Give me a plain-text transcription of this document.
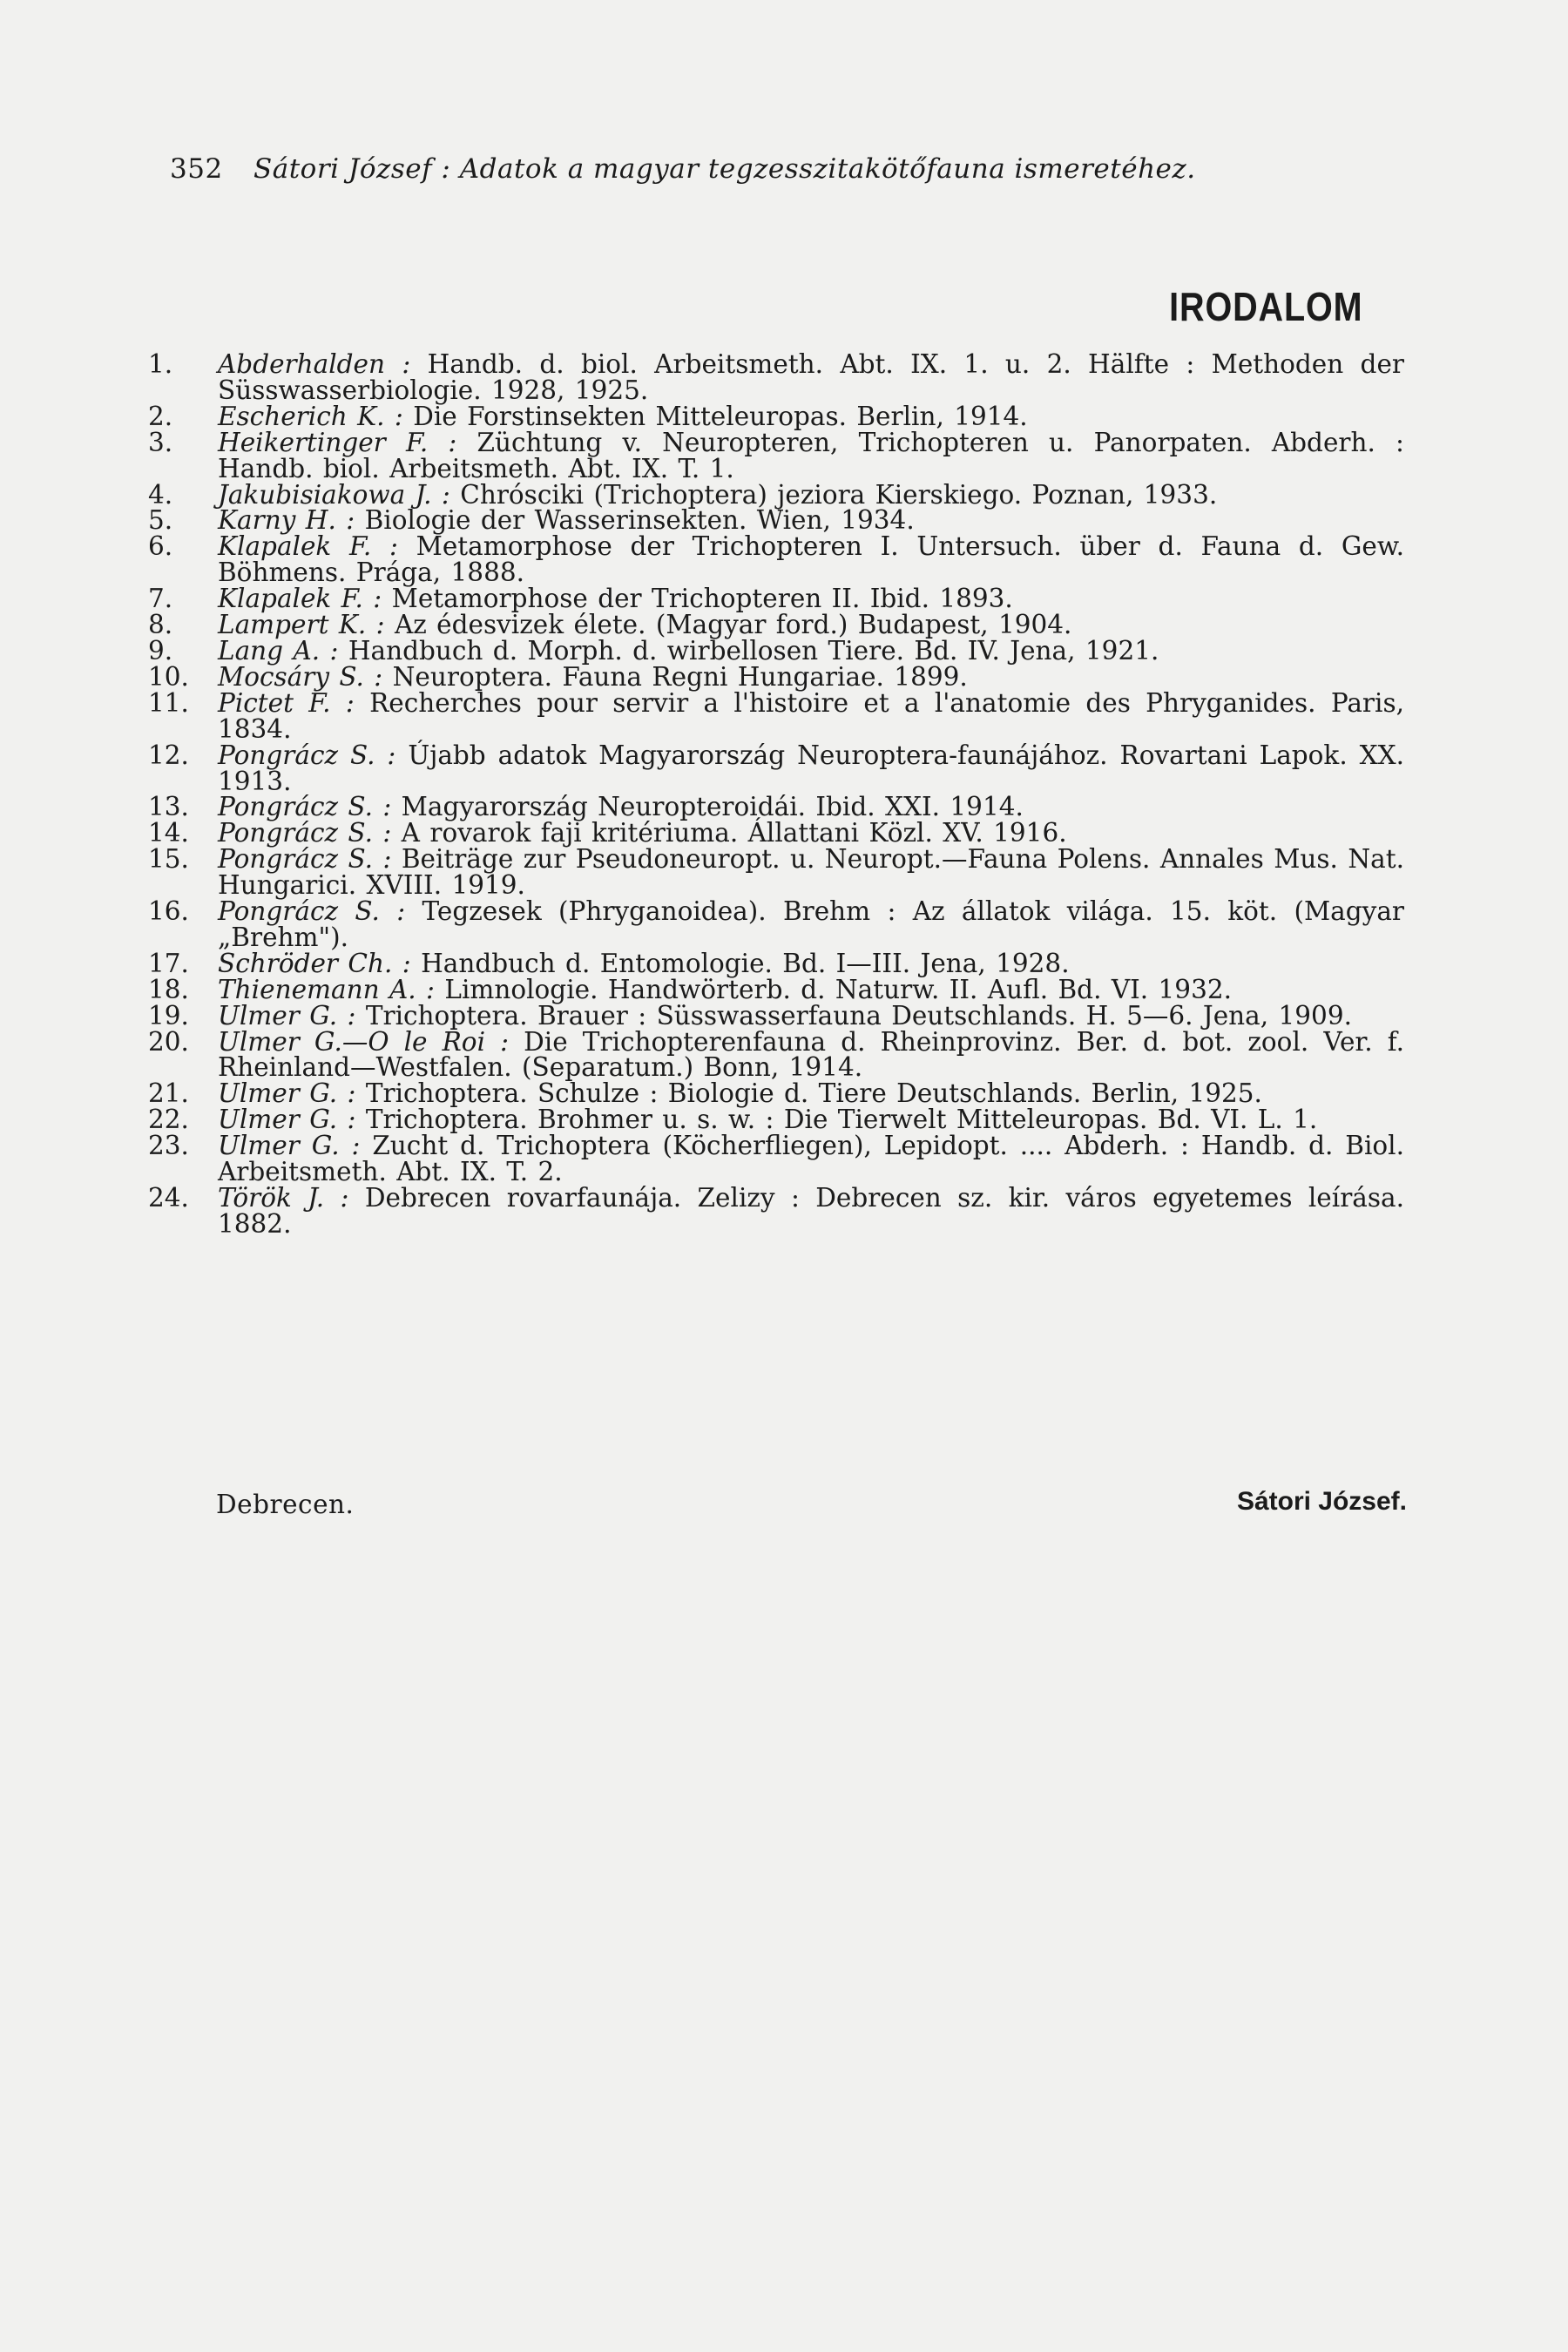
352 Sátori József : Adatok a magyar tegzesszitakötőfauna ismeretéhez.
IRODALOM
1.	Abderhalden : Handb. d. biol. Arbeitsmeth. Abt. IX. 1. u. 2. Hälfte : Methoden der Süsswasserbiologie. 1928, 1925.
2.	Escherich K. : Die Forstinsekten Mitteleuropas. Berlin, 1914.
3.	Heikertinger F. : Züchtung v. Neuropteren, Trichopteren u. Panorpaten. Abderh. : Handb. biol. Arbeitsmeth. Abt. IX. T. 1.
4.	Jakubisiakowa J. : Chrósciki (Trichoptera) jeziora Kierskiego. Poznan, 1933.
5.	Karny H. : Biologie der Wasserinsekten. Wien, 1934.
6.	Klapalek F. : Metamorphose der Trichopteren I. Untersuch. über d. Fauna d. Gew. Böhmens. Prága, 1888.
7.	Klapalek F. : Metamorphose der Trichopteren II. Ibid. 1893.
8.	Lampert K. : Az édesvizek élete. (Magyar ford.) Budapest, 1904.
9.	Lang A. : Handbuch d. Morph. d. wirbellosen Tiere. Bd. IV. Jena, 1921.
10.	Mocsáry S. : Neuroptera. Fauna Regni Hungariae. 1899.
11.	Pictet F. : Recherches pour servir a l'histoire et a l'anatomie des Phryganides. Paris, 1834.
12.	Pongrácz S. : Újabb adatok Magyarország Neuroptera-faunájához. Rovartani Lapok. XX. 1913.
13.	Pongrácz S. : Magyarország Neuropteroidái. Ibid. XXI. 1914.
14.	Pongrácz S. : A rovarok faji kritériuma. Állattani Közl. XV. 1916.
15.	Pongrácz S. : Beiträge zur Pseudoneuropt. u. Neuropt.—Fauna Polens. Annales Mus. Nat. Hungarici. XVIII. 1919.
16.	Pongrácz S. : Tegzesek (Phryganoidea). Brehm : Az állatok világa. 15. köt. (Magyar „Brehm").
17.	Schröder Ch. : Handbuch d. Entomologie. Bd. I—III. Jena, 1928.
18.	Thienemann A. : Limnologie. Handwörterb. d. Naturw. II. Aufl. Bd. VI. 1932.
19.	Ulmer G. : Trichoptera. Brauer : Süsswasserfauna Deutschlands. H. 5—6. Jena, 1909.
20.	Ulmer G.—O le Roi : Die Trichopterenfauna d. Rheinprovinz. Ber. d. bot. zool. Ver. f. Rheinland—Westfalen. (Separatum.) Bonn, 1914.
21.	Ulmer G. : Trichoptera. Schulze : Biologie d. Tiere Deutschlands. Berlin, 1925.
22.	Ulmer G. : Trichoptera. Brohmer u. s. w. : Die Tierwelt Mitteleuropas. Bd. VI. L. 1.
23.	Ulmer G. : Zucht d. Trichoptera (Köcherfliegen), Lepidopt. .... Abderh. : Handb. d. Biol. Arbeitsmeth. Abt. IX. T. 2.
24.	Török J. : Debrecen rovarfaunája. Zelizy : Debrecen sz. kir. város egyetemes leírása. 1882.
Debrecen.	Sátori József.
